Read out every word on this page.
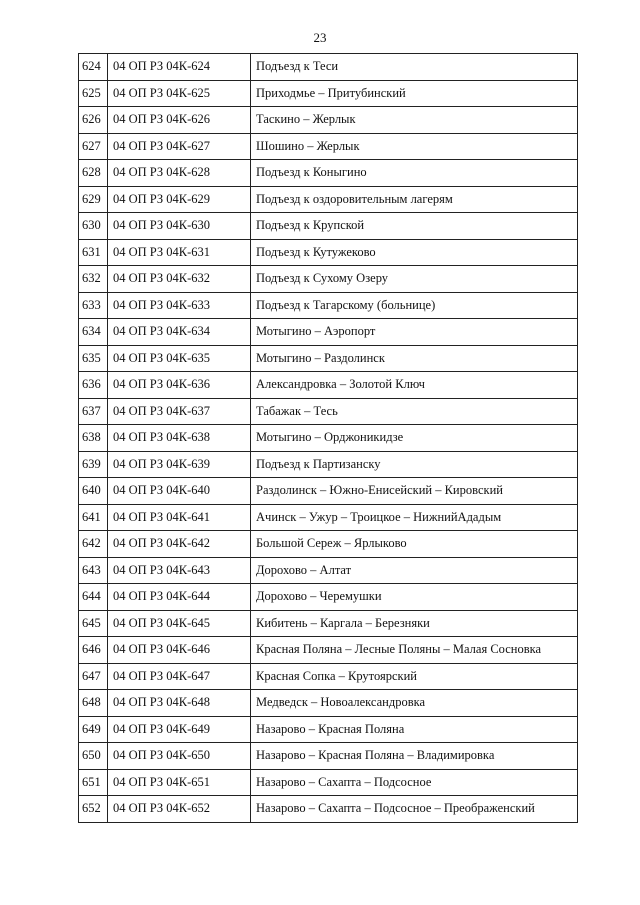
23
624	04 ОП РЗ 04К-624	Подъезд к Теси
625	04 ОП РЗ 04К-625	Приходмье – Притубинский
626	04 ОП РЗ 04К-626	Таскино – Жерлык
627	04 ОП РЗ 04К-627	Шошино – Жерлык
628	04 ОП РЗ 04К-628	Подъезд к Коныгино
629	04 ОП РЗ 04К-629	Подъезд к оздоровительным лагерям
630	04 ОП РЗ 04К-630	Подъезд к Крупской
631	04 ОП РЗ 04К-631	Подъезд к Кутужеково
632	04 ОП РЗ 04К-632	Подъезд к Сухому Озеру
633	04 ОП РЗ 04К-633	Подъезд к Тагарскому (больнице)
634	04 ОП РЗ 04К-634	Мотыгино – Аэропорт
635	04 ОП РЗ 04К-635	Мотыгино – Раздолинск
636	04 ОП РЗ 04К-636	Александровка – Золотой Ключ
637	04 ОП РЗ 04К-637	Табажак – Тесь
638	04 ОП РЗ 04К-638	Мотыгино – Орджоникидзе
639	04 ОП РЗ 04К-639	Подъезд к Партизанску
640	04 ОП РЗ 04К-640	Раздолинск – Южно-Енисейский – Кировский
641	04 ОП РЗ 04К-641	Ачинск – Ужур – Троицкое – НижнийАдадым
642	04 ОП РЗ 04К-642	Большой Сереж – Ярлыково
643	04 ОП РЗ 04К-643	Дорохово – Алтат
644	04 ОП РЗ 04К-644	Дорохово – Черемушки
645	04 ОП РЗ 04К-645	Кибитень – Каргала – Березняки
646	04 ОП РЗ 04К-646	Красная Поляна – Лесные Поляны – Малая Сосновка
647	04 ОП РЗ 04К-647	Красная Сопка – Крутоярский
648	04 ОП РЗ 04К-648	Медведск – Новоалександровка
649	04 ОП РЗ 04К-649	Назарово – Красная Поляна
650	04 ОП РЗ 04К-650	Назарово – Красная Поляна – Владимировка
651	04 ОП РЗ 04К-651	Назарово – Сахапта – Подсосное
652	04 ОП РЗ 04К-652	Назарово – Сахапта – Подсосное – Преображенский
